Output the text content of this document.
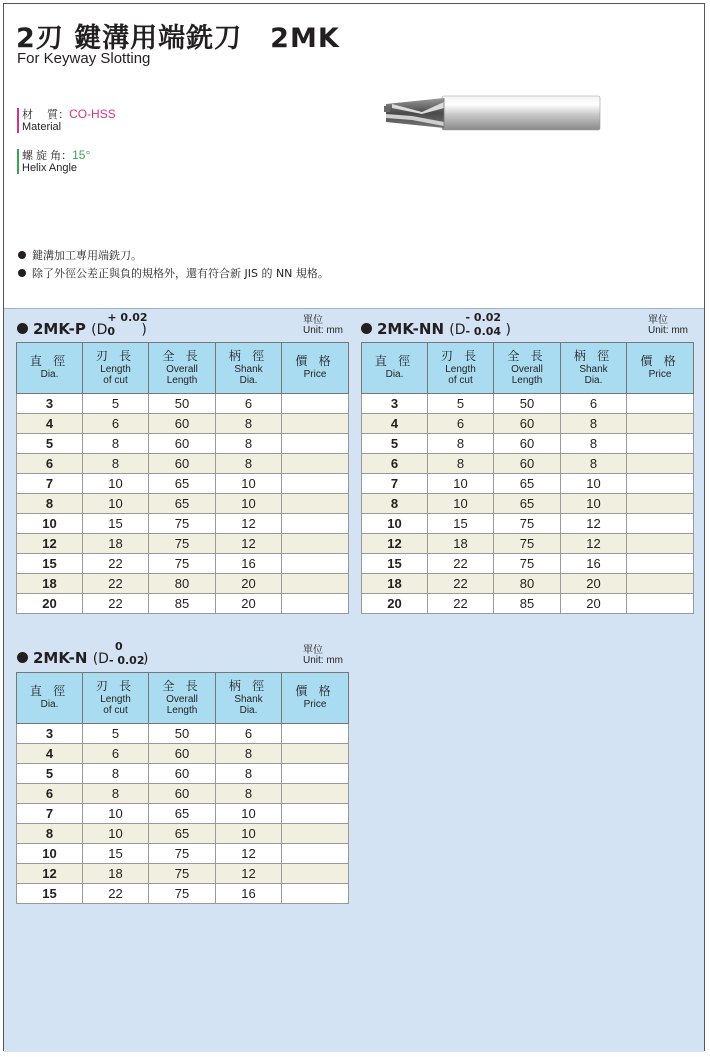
2刃 鍵溝用端銑刀　2MK
For Keyway Slotting
材　 質：CO-HSS
Material
螺 旋 角：15°
Helix Angle
鍵溝加工專用端銑刀。
除了外徑公差正與負的規格外，還有符合新 JIS 的 NN 規格。
2MK-P (D
+ 0.02
0 )
單位
Unit: mm
直 徑
Dia.	刃 長
Length
of cut	全 長
Overall
Length	柄 徑
Shank
Dia.	價 格
Price

3	5	50	6	
4	6	60	8	
5	8	60	8	
6	8	60	8	
7	10	65	10	
8	10	65	10	
10	15	75	12	
12	18	75	12	
15	22	75	16	
18	22	80	20	
20	22	85	20	
2MK-NN (D
- 0.02
- 0.04 )
單位
Unit: mm
直 徑
Dia.	刃 長
Length
of cut	全 長
Overall
Length	柄 徑
Shank
Dia.	價 格
Price

3	5	50	6	
4	6	60	8	
5	8	60	8	
6	8	60	8	
7	10	65	10	
8	10	65	10	
10	15	75	12	
12	18	75	12	
15	22	75	16	
18	22	80	20	
20	22	85	20	
2MK-N (D
0
- 0.02
)
單位
Unit: mm
直 徑
Dia.	刃 長
Length
of cut	全 長
Overall
Length	柄 徑
Shank
Dia.	價 格
Price

3	5	50	6	
4	6	60	8	
5	8	60	8	
6	8	60	8	
7	10	65	10	
8	10	65	10	
10	15	75	12	
12	18	75	12	
15	22	75	16	
